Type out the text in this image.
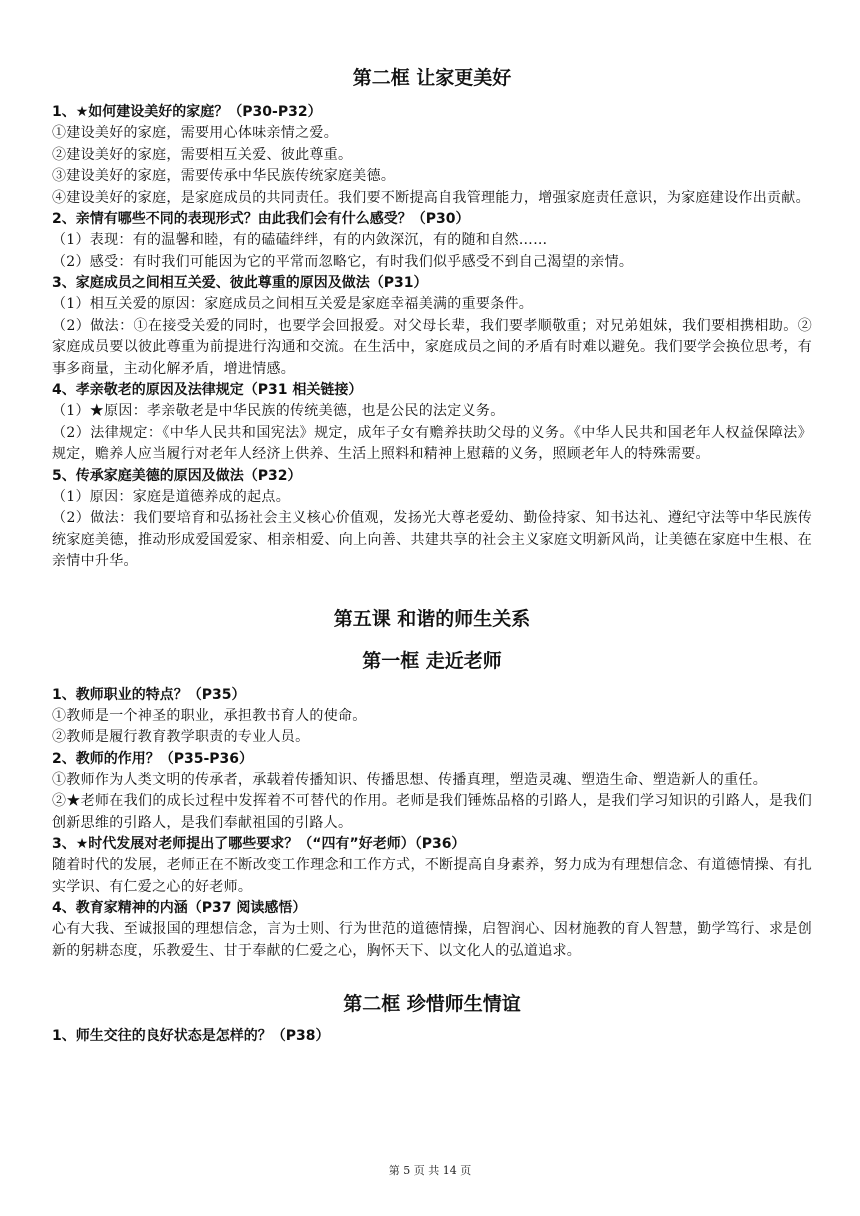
第二框 让家更美好
1、★如何建设美好的家庭？（P30-P32）

①建设美好的家庭，需要用心体味亲情之爱。

②建设美好的家庭，需要相互关爱、彼此尊重。

③建设美好的家庭，需要传承中华民族传统家庭美德。

④建设美好的家庭，是家庭成员的共同责任。我们要不断提高自我管理能力，增强家庭责任意识，为家庭建设作出贡献。

2、亲情有哪些不同的表现形式？由此我们会有什么感受？（P30）

（1）表现：有的温馨和睦，有的磕磕绊绊，有的内敛深沉，有的随和自然……

（2）感受：有时我们可能因为它的平常而忽略它，有时我们似乎感受不到自己渴望的亲情。

3、家庭成员之间相互关爱、彼此尊重的原因及做法（P31）

（1）相互关爱的原因：家庭成员之间相互关爱是家庭幸福美满的重要条件。

（2）做法：①在接受关爱的同时，也要学会回报爱。对父母长辈，我们要孝顺敬重；对兄弟姐妹，我们要相携相助。②家庭成员要以彼此尊重为前提进行沟通和交流。在生活中，家庭成员之间的矛盾有时难以避免。我们要学会换位思考，有事多商量，主动化解矛盾，增进情感。

4、孝亲敬老的原因及法律规定（P31 相关链接）

（1）★原因：孝亲敬老是中华民族的传统美德，也是公民的法定义务。

（2）法律规定：《中华人民共和国宪法》规定，成年子女有赡养扶助父母的义务。《中华人民共和国老年人权益保障法》规定，赡养人应当履行对老年人经济上供养、生活上照料和精神上慰藉的义务，照顾老年人的特殊需要。

5、传承家庭美德的原因及做法（P32）

（1）原因：家庭是道德养成的起点。

（2）做法：我们要培育和弘扬社会主义核心价值观，发扬光大尊老爱幼、勤俭持家、知书达礼、遵纪守法等中华民族传统家庭美德，推动形成爱国爱家、相亲相爱、向上向善、共建共享的社会主义家庭文明新风尚，让美德在家庭中生根、在亲情中升华。

第五课 和谐的师生关系
第一框 走近老师
1、教师职业的特点？（P35）

①教师是一个神圣的职业，承担教书育人的使命。

②教师是履行教育教学职责的专业人员。

2、教师的作用？（P35-P36）

①教师作为人类文明的传承者，承载着传播知识、传播思想、传播真理，塑造灵魂、塑造生命、塑造新人的重任。

②★老师在我们的成长过程中发挥着不可替代的作用。老师是我们锤炼品格的引路人，是我们学习知识的引路人，是我们创新思维的引路人，是我们奉献祖国的引路人。

3、★时代发展对老师提出了哪些要求？（“四有”好老师）（P36）

随着时代的发展，老师正在不断改变工作理念和工作方式，不断提高自身素养，努力成为有理想信念、有道德情操、有扎实学识、有仁爱之心的好老师。

4、教育家精神的内涵（P37 阅读感悟）

心有大我、至诚报国的理想信念，言为士则、行为世范的道德情操，启智润心、因材施教的育人智慧，勤学笃行、求是创新的躬耕态度，乐教爱生、甘于奉献的仁爱之心，胸怀天下、以文化人的弘道追求。

第二框 珍惜师生情谊
1、师生交往的良好状态是怎样的？（P38）
第 5 页 共 14 页
